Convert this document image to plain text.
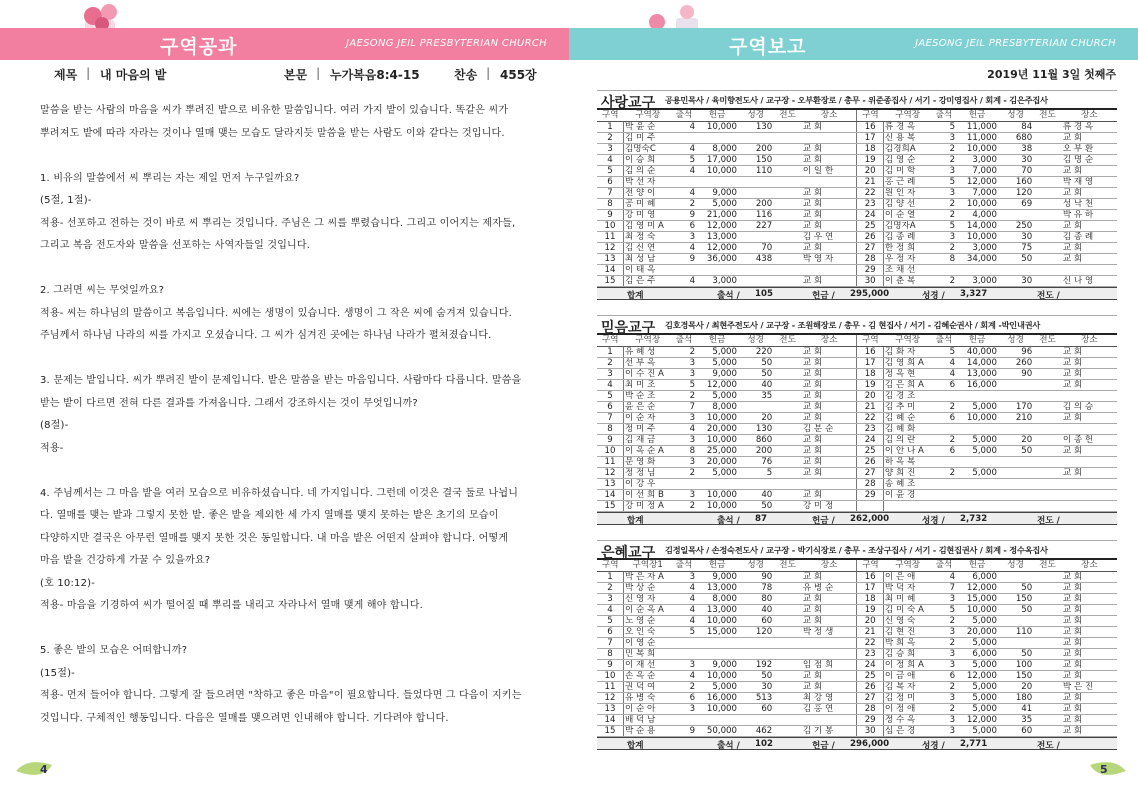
구역공과	JAESONG JEIL PRESBYTERIAN CHURCH
제목 | 내 마음의 밭	본문 | 누가복음8:4-15	찬송 | 455장

말씀을 받는 사람의 마음을 씨가 뿌려진 밭으로 비유한 말씀입니다. 여러 가지 밭이 있습니다. 똑같은 씨가

뿌려져도 밭에 따라 자라는 것이나 열매 맺는 모습도 달라지듯 말씀을 받는 사람도 이와 같다는 것입니다.

1. 비유의 말씀에서 씨 뿌리는 자는 제일 먼저 누구일까요?

(5절, 1절)-

적용- 선포하고 전하는 것이 바로 씨 뿌리는 것입니다. 주님은 그 씨를 뿌렸습니다. 그리고 이어지는 제자들,

그리고 복음 전도자와 말씀을 선포하는 사역자들일 것입니다.

2. 그러면 씨는 무엇일까요?

적용- 씨는 하나님의 말씀이고 복음입니다. 씨에는 생명이 있습니다. 생명이 그 작은 씨에 숨겨져 있습니다.

주님께서 하나님 나라의 씨를 가지고 오셨습니다. 그 씨가 심겨진 곳에는 하나님 나라가 펼쳐졌습니다.

3. 문제는 밭입니다. 씨가 뿌려진 밭이 문제입니다. 밭은 말씀을 받는 마음입니다. 사람마다 다릅니다. 말씀을

받는 밭이 다르면 전혀 다른 결과를 가져옵니다. 그래서 강조하시는 것이 무엇입니까?

(8절)-

적용-

4. 주님께서는 그 마음 밭을 여러 모습으로 비유하셨습니다. 네 가지입니다. 그런데 이것은 결국 둘로 나뉩니

다. 열매를 맺는 밭과 그렇지 못한 밭. 좋은 밭을 제외한 세 가지 열매를 맺지 못하는 밭은 초기의 모습이

다양하지만 결국은 아무런 열매를 맺지 못한 것은 동일합니다. 내 마음 밭은 어떤지 살펴야 합니다. 어떻게

마음 밭을 건강하게 가꿀 수 있을까요?

(호 10:12)-

적용- 마음을 기경하여 씨가 떨어질 때 뿌리를 내리고 자라나서 열매 맺게 해야 합니다.

5. 좋은 밭의 모습은 어떠합니까?

(15절)-

적용- 먼저 들어야 합니다. 그렇게 잘 들으려면 "착하고 좋은 마음"이 필요합니다. 들었다면 그 다음이 지키는

것입니다. 구체적인 행동입니다. 다음은 열매를 맺으려면 인내해야 합니다. 기다려야 합니다.

4
구역보고	JAESONG JEIL PRESBYTERIAN CHURCH
2019년 11월 3일 첫째주
사랑교구 공용민목사 / 육미향전도사 / 교구장 - 오부환장로 / 총무 - 위준종집사 / 서기 - 강미영집사 / 회계 - 김은주집사
구역	구역장	출석	헌금	성경	전도	장소	구역	구역장	출석	헌금	성경	전도	장소
1	박 윤 순	4	10,000	130		교 회	16	류 경 옥	5	11,000	84		류 경 옥
2	김 미 주						17	신 용 복	3	11,000	680		교 회
3	김명숙C	4	8,000	200		교 회	18	김경희A	2	10,000	38		오 부 환
4	이 승 희	5	17,000	150		교 회	19	김 영 순	2	3,000	30		김 명 순
5	김 의 순	4	10,000	110		이 일 한	20	김 미 학	3	7,000	70		교 회
6	박 선 자						21	홍 근 례	5	12,000	160		박 재 영
7	전 양 이	4	9,000			교 회	22	원 인 자	3	7,000	120		교 회
8	공 미 혜	2	5,000	200		교 회	23	김 양 선	2	10,000	69		성 낙 천
9	강 미 영	9	21,000	116		교 회	24	이 순 열	2	4,000			박 유 하
10	김 영 미 A	6	12,000	227		교 회	25	김명자A	5	14,000	250		교 회
11	최 정 숙	3	13,000			김 우 연	26	김 종 례	3	10,000	30		김 종 례
12	김 신 연	4	12,000	70		교 회	27	한 정 희	2	3,000	75		교 회
13	최 성 남	9	36,000	438		박 영 자	28	우 정 자	8	34,000	50		교 회
14	이 태 옥						29	조 채 선					
15	김 은 주	4	3,000			교 회	30	이 춘 복	2	3,000	30		신 나 영
합계	출석 / 105	헌금 / 295,000	성경 / 3,327	전도 /
믿음교구 김호경목사 / 최현주전도사 / 교구장 - 조원해장로 / 총무 - 김 현집사 / 서기 - 김혜순권사 / 회계 -박인내권사
구역	구역장	출석	헌금	성경	전도	장소	구역	구역장	출석	헌금	성경	전도	장소
1	유 혜 성	2	5,000	220		교 회	16	김 화 자	5	40,000	96		교 회
2	선 부 옥	3	5,000	50		교 회	17	김 영 희 A	4	14,000	260		교 회
3	이 수 진 A	3	9,000	50		교 회	18	정 옥 현	4	13,000	90		교 회
4	최 미 조	5	12,000	40		교 회	19	김 은 희 A	6	16,000			교 회
5	박 순 조	2	5,000	35		교 회	20	김 경 조					
6	윤 은 순	7	8,000			교 회	21	김 추 미	2	5,000	170		김 의 승
7	이 순 자	3	10,000	20		교 회	22	김 혜 순	6	10,000	210		교 회
8	정 미 주	4	20,000	130		김 분 순	23	김 혜 화					
9	김 재 금	3	10,000	860		교 회	24	김 의 란	2	5,000	20		이 종 헌
10	이 옥 순 A	8	25,000	200		교 회	25	이 안 나 A	6	5,000	50		교 회
11	문 영 화	3	20,000	76		교 회	26	하 옥 복					
12	정 정 님	2	5,000	5		교 회	27	양 희 진	2	5,000			교 회
13	이 강 우						28	송 혜 조					
14	이 선 희 B	3	10,000	40		교 회	29	이 윤 경					
15	강 미 정 A	2	10,000	50		강 미 정							
합계	출석 / 87	헌금 / 262,000	성경 / 2,732	전도 /
은혜교구 김정일목사 / 손정숙전도사 / 교구장 - 박기식장로 / 총무 - 조상구집사 / 서기 - 김현집권사 / 회계 - 정수옥집사
구역	구역장1	출석	헌금	성경	전도	장소	구역	구역장	출석	헌금	성경	전도	장소
1	박 은 자 A	3	9,000	90		교 회	16	이 은 애	4	6,000			교 회
2	박 상 순	4	13,000	78		유 병 순	17	박 덕 자	7	12,000	50		교 회
3	신 영 자	4	8,000	80		교 회	18	최 미 혜	3	15,000	150		교 회
4	이 순 옥 A	4	13,000	40		교 회	19	김 미 숙 A	5	10,000	50		교 회
5	노 영 순	4	10,000	60		교 회	20	신 영 숙	2	5,000			교 회
6	오 인 숙	5	15,000	120		박 정 생	21	김 현 진	3	20,000	110		교 회
7	이 영 순						22	박 희 옥	2	5,000			교 회
8	민 복 희						23	김 승 희	3	6,000	50		교 회
9	이 재 선	3	9,000	192		임 점 희	24	이 정 희 A	3	5,000	100		교 회
10	손 옥 순	4	10,000	50		교 회	25	이 금 애	6	12,000	150		교 회
11	권 덕 여	2	5,000	30		교 회	26	김 복 자	2	5,000	20		박 은 진
12	유 병 숙	6	16,000	513		최 강 영	27	김 정 미	3	5,000	180		교 회
13	이 순 아	3	10,000	60		김 홍 연	28	이 정 애	2	5,000	41		교 회
14	배 덕 남						29	정 수 옥	3	12,000	35		교 회
15	박 순 용	9	50,000	462		김 기 봉	30	심 은 경	3	5,000	60		교 회
합계	출석 / 102	헌금 / 296,000	성경 / 2,771	전도 /
5
